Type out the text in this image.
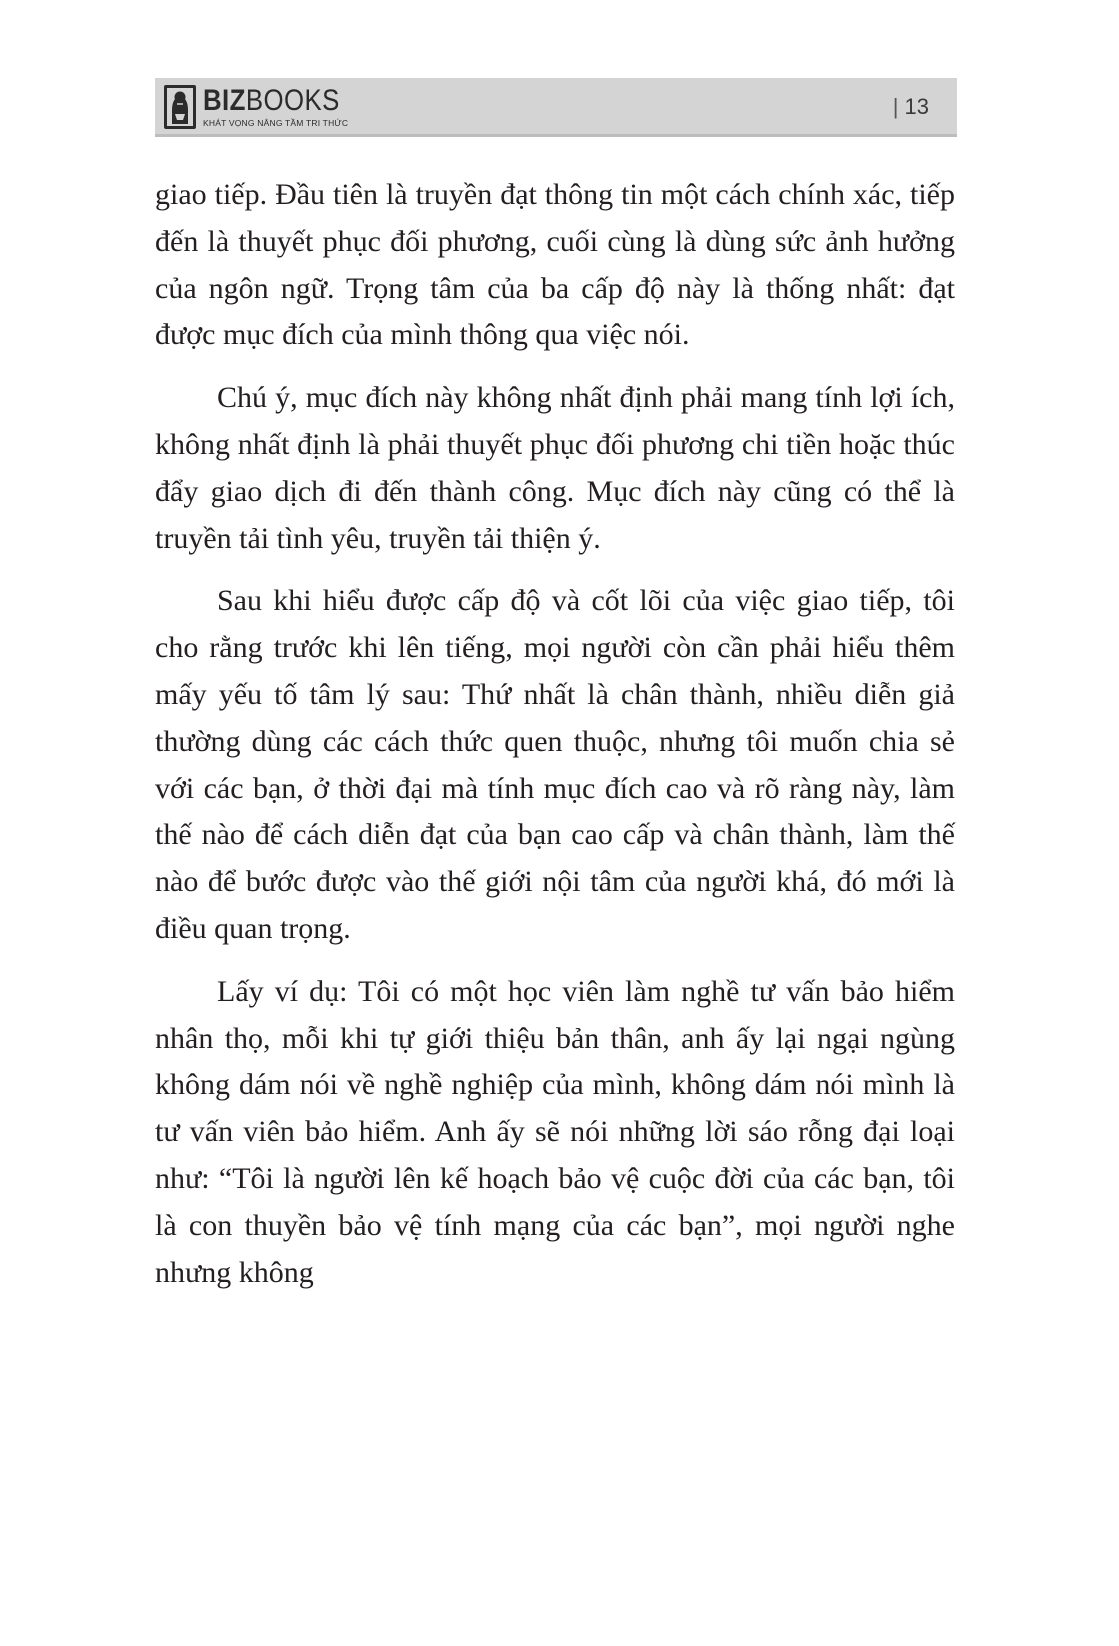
BIZBOOKS
KHÁT VỌNG NÂNG TẦM TRI THỨC
| 13

giao tiếp. Đầu tiên là truyền đạt thông tin một cách chính xác, tiếp đến là thuyết phục đối phương, cuối cùng là dùng sức ảnh hưởng của ngôn ngữ. Trọng tâm của ba cấp độ này là thống nhất: đạt được mục đích của mình thông qua việc nói.

Chú ý, mục đích này không nhất định phải mang tính lợi ích, không nhất định là phải thuyết phục đối phương chi tiền hoặc thúc đẩy giao dịch đi đến thành công. Mục đích này cũng có thể là truyền tải tình yêu, truyền tải thiện ý.

Sau khi hiểu được cấp độ và cốt lõi của việc giao tiếp, tôi cho rằng trước khi lên tiếng, mọi người còn cần phải hiểu thêm mấy yếu tố tâm lý sau: Thứ nhất là chân thành, nhiều diễn giả thường dùng các cách thức quen thuộc, nhưng tôi muốn chia sẻ với các bạn, ở thời đại mà tính mục đích cao và rõ ràng này, làm thế nào để cách diễn đạt của bạn cao cấp và chân thành, làm thế nào để bước được vào thế giới nội tâm của người khá, đó mới là điều quan trọng.

Lấy ví dụ: Tôi có một học viên làm nghề tư vấn bảo hiểm nhân thọ, mỗi khi tự giới thiệu bản thân, anh ấy lại ngại ngùng không dám nói về nghề nghiệp của mình, không dám nói mình là tư vấn viên bảo hiểm. Anh ấy sẽ nói những lời sáo rỗng đại loại như: “Tôi là người lên kế hoạch bảo vệ cuộc đời của các bạn, tôi là con thuyền bảo vệ tính mạng của các bạn”, mọi người nghe nhưng không
